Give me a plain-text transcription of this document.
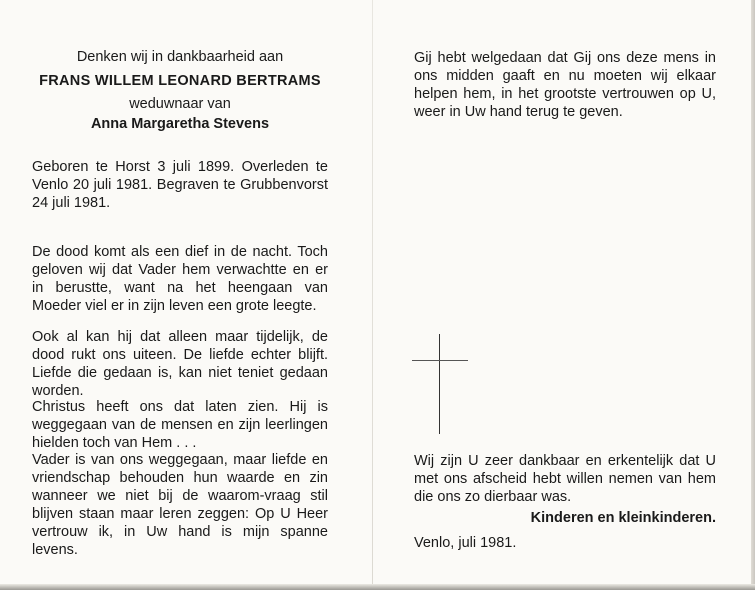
Denken wij in dankbaarheid aan
FRANS WILLEM LEONARD BERTRAMS
weduwnaar van
Anna Margaretha Stevens
Geboren te Horst 3 juli 1899. Overleden te Venlo 20 juli 1981. Begraven te Grubbenvorst 24 juli 1981.
De dood komt als een dief in de nacht. Toch geloven wij dat Vader hem verwachtte en er in berustte, want na het heengaan van Moeder viel er in zijn leven een grote leegte.
Ook al kan hij dat alleen maar tijdelijk, de dood rukt ons uiteen. De liefde echter blijft. Liefde die gedaan is, kan niet teniet gedaan worden.
Christus heeft ons dat laten zien. Hij is weggegaan van de mensen en zijn leerlingen hielden toch van Hem . . .
Vader is van ons weggegaan, maar liefde en vriendschap behouden hun waarde en zin wanneer we niet bij de waarom-vraag stil blijven staan maar leren zeggen: Op U Heer vertrouw ik, in Uw hand is mijn spanne levens.
Gij hebt welgedaan dat Gij ons deze mens in ons midden gaaft en nu moeten wij elkaar helpen hem, in het grootste vertrouwen op U, weer in Uw hand terug te geven.
Wij zijn U zeer dankbaar en erkentelijk dat U met ons afscheid hebt willen nemen van hem die ons zo dierbaar was.
Kinderen en kleinkinderen.
Venlo, juli 1981.
